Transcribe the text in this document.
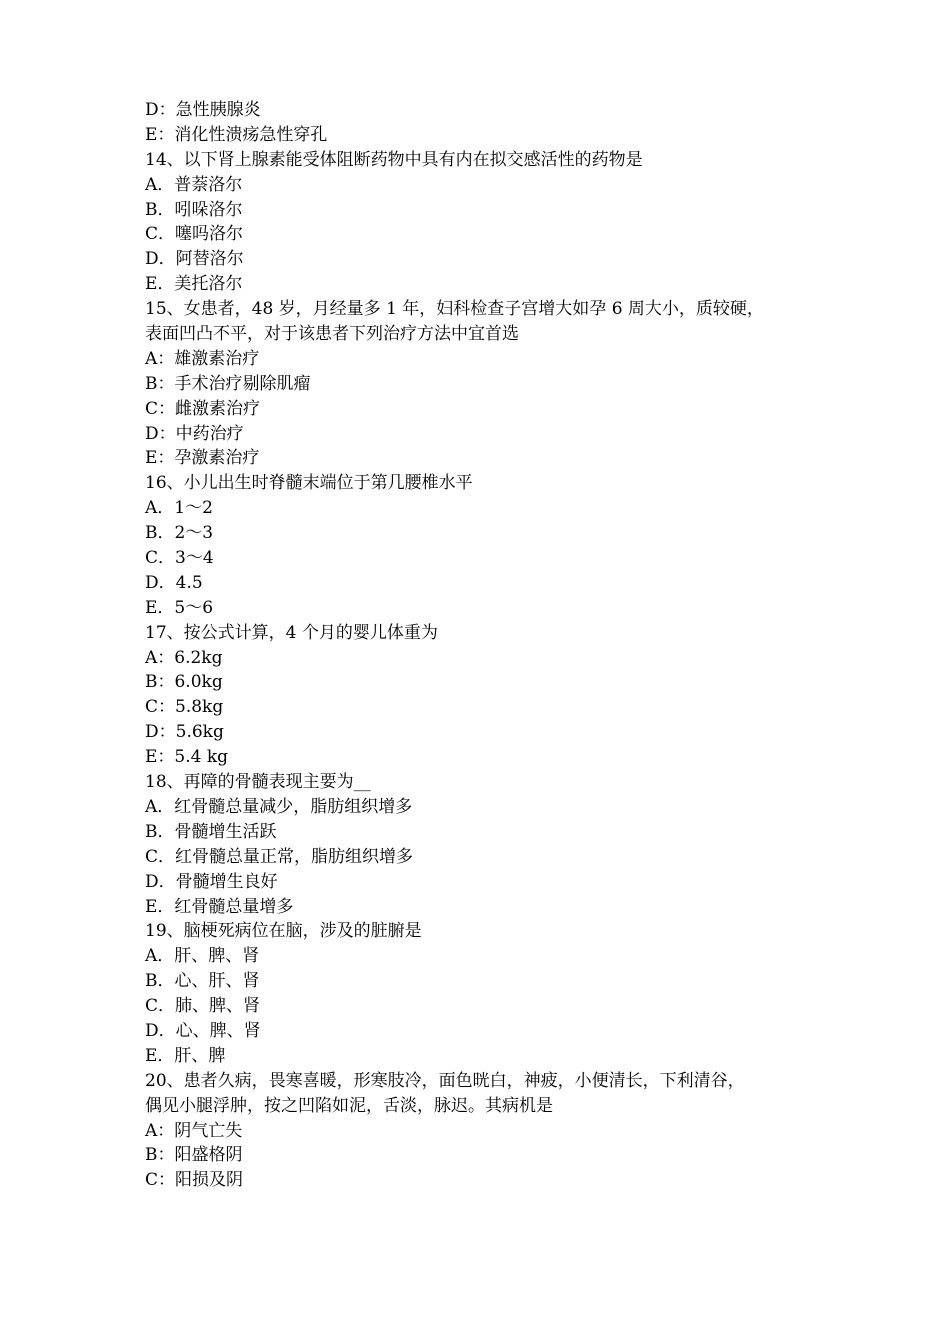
D：急性胰腺炎
E：消化性溃疡急性穿孔
14、以下肾上腺素能受体阻断药物中具有内在拟交感活性的药物是
A．普萘洛尔
B．吲哚洛尔
C．噻吗洛尔
D．阿替洛尔
E．美托洛尔
15、女患者，48 岁，月经量多 1 年，妇科检查子宫增大如孕 6 周大小，质较硬，
表面凹凸不平，对于该患者下列治疗方法中宜首选
A：雄激素治疗
B：手术治疗剔除肌瘤
C：雌激素治疗
D：中药治疗
E：孕激素治疗
16、小儿出生时脊髓末端位于第几腰椎水平
A．1～2
B．2～3
C．3～4
D．4.5
E．5～6
17、按公式计算，4 个月的婴儿体重为
A：6.2kg
B：6.0kg
C：5.8kg
D：5.6kg
E：5.4 kg
18、再障的骨髓表现主要为__
A．红骨髓总量减少，脂肪组织增多
B．骨髓增生活跃
C．红骨髓总量正常，脂肪组织增多
D．骨髓增生良好
E．红骨髓总量增多
19、脑梗死病位在脑，涉及的脏腑是
A．肝、脾、肾
B．心、肝、肾
C．肺、脾、肾
D．心、脾、肾
E．肝、脾
20、患者久病，畏寒喜暖，形寒肢冷，面色晄白，神疲，小便清长，下利清谷，
偶见小腿浮肿，按之凹陷如泥，舌淡，脉迟。其病机是
A：阴气亡失
B：阳盛格阴
C：阳损及阴
